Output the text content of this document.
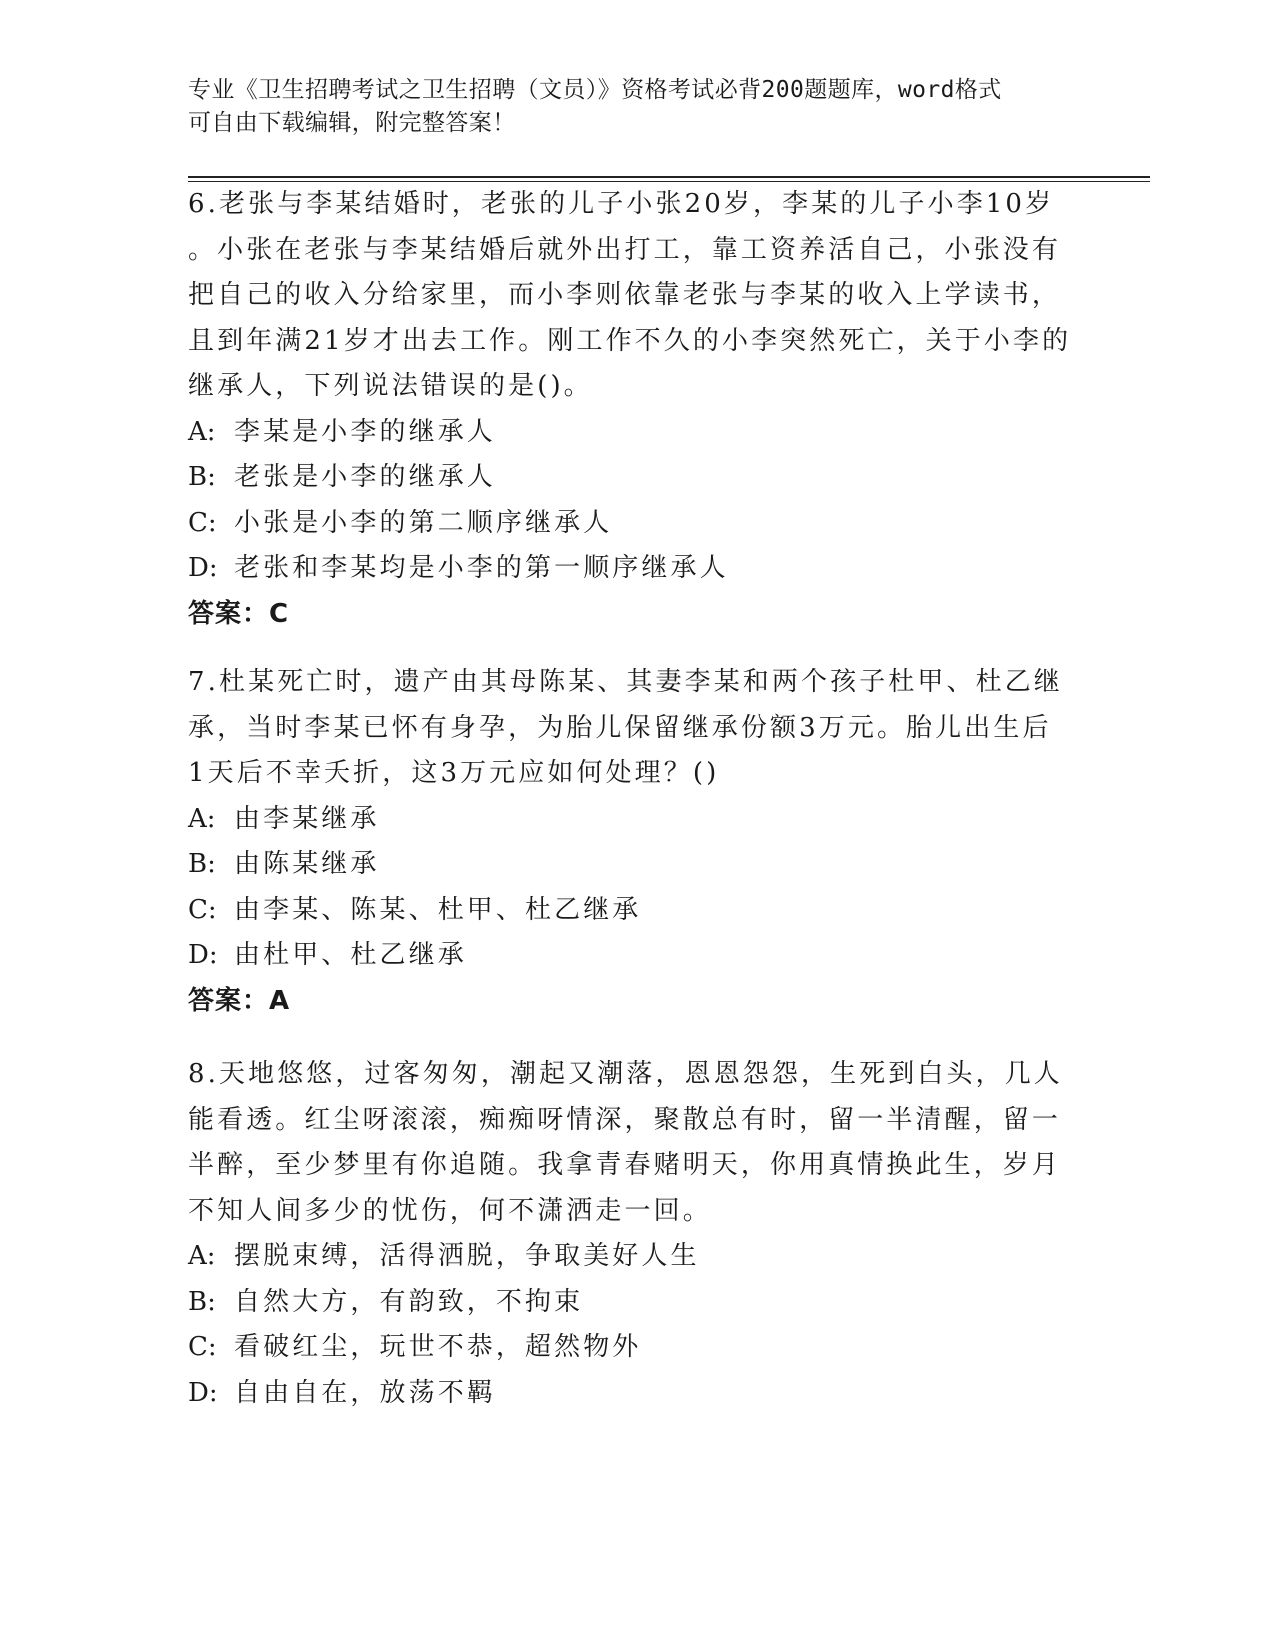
专业《卫生招聘考试之卫生招聘（文员）》资格考试必背200题题库，word格式
可自由下载编辑，附完整答案！

6.老张与李某结婚时，老张的儿子小张20岁，李某的儿子小李10岁

。小张在老张与李某结婚后就外出打工，靠工资养活自己，小张没有

把自己的收入分给家里，而小李则依靠老张与李某的收入上学读书，

且到年满21岁才出去工作。刚工作不久的小李突然死亡，关于小李的

继承人，下列说法错误的是()。

A: 李某是小李的继承人

B: 老张是小李的继承人

C: 小张是小李的第二顺序继承人

D: 老张和李某均是小李的第一顺序继承人

答案：C

7.杜某死亡时，遗产由其母陈某、其妻李某和两个孩子杜甲、杜乙继

承，当时李某已怀有身孕，为胎儿保留继承份额3万元。胎儿出生后

1天后不幸夭折，这3万元应如何处理？()

A: 由李某继承

B: 由陈某继承

C: 由李某、陈某、杜甲、杜乙继承

D: 由杜甲、杜乙继承

答案：A

8.天地悠悠，过客匆匆，潮起又潮落，恩恩怨怨，生死到白头，几人

能看透。红尘呀滚滚，痴痴呀情深，聚散总有时，留一半清醒，留一

半醉，至少梦里有你追随。我拿青春赌明天，你用真情换此生，岁月

不知人间多少的忧伤，何不潇洒走一回。

A: 摆脱束缚，活得洒脱，争取美好人生

B: 自然大方，有韵致，不拘束

C: 看破红尘，玩世不恭，超然物外

D: 自由自在，放荡不羁
